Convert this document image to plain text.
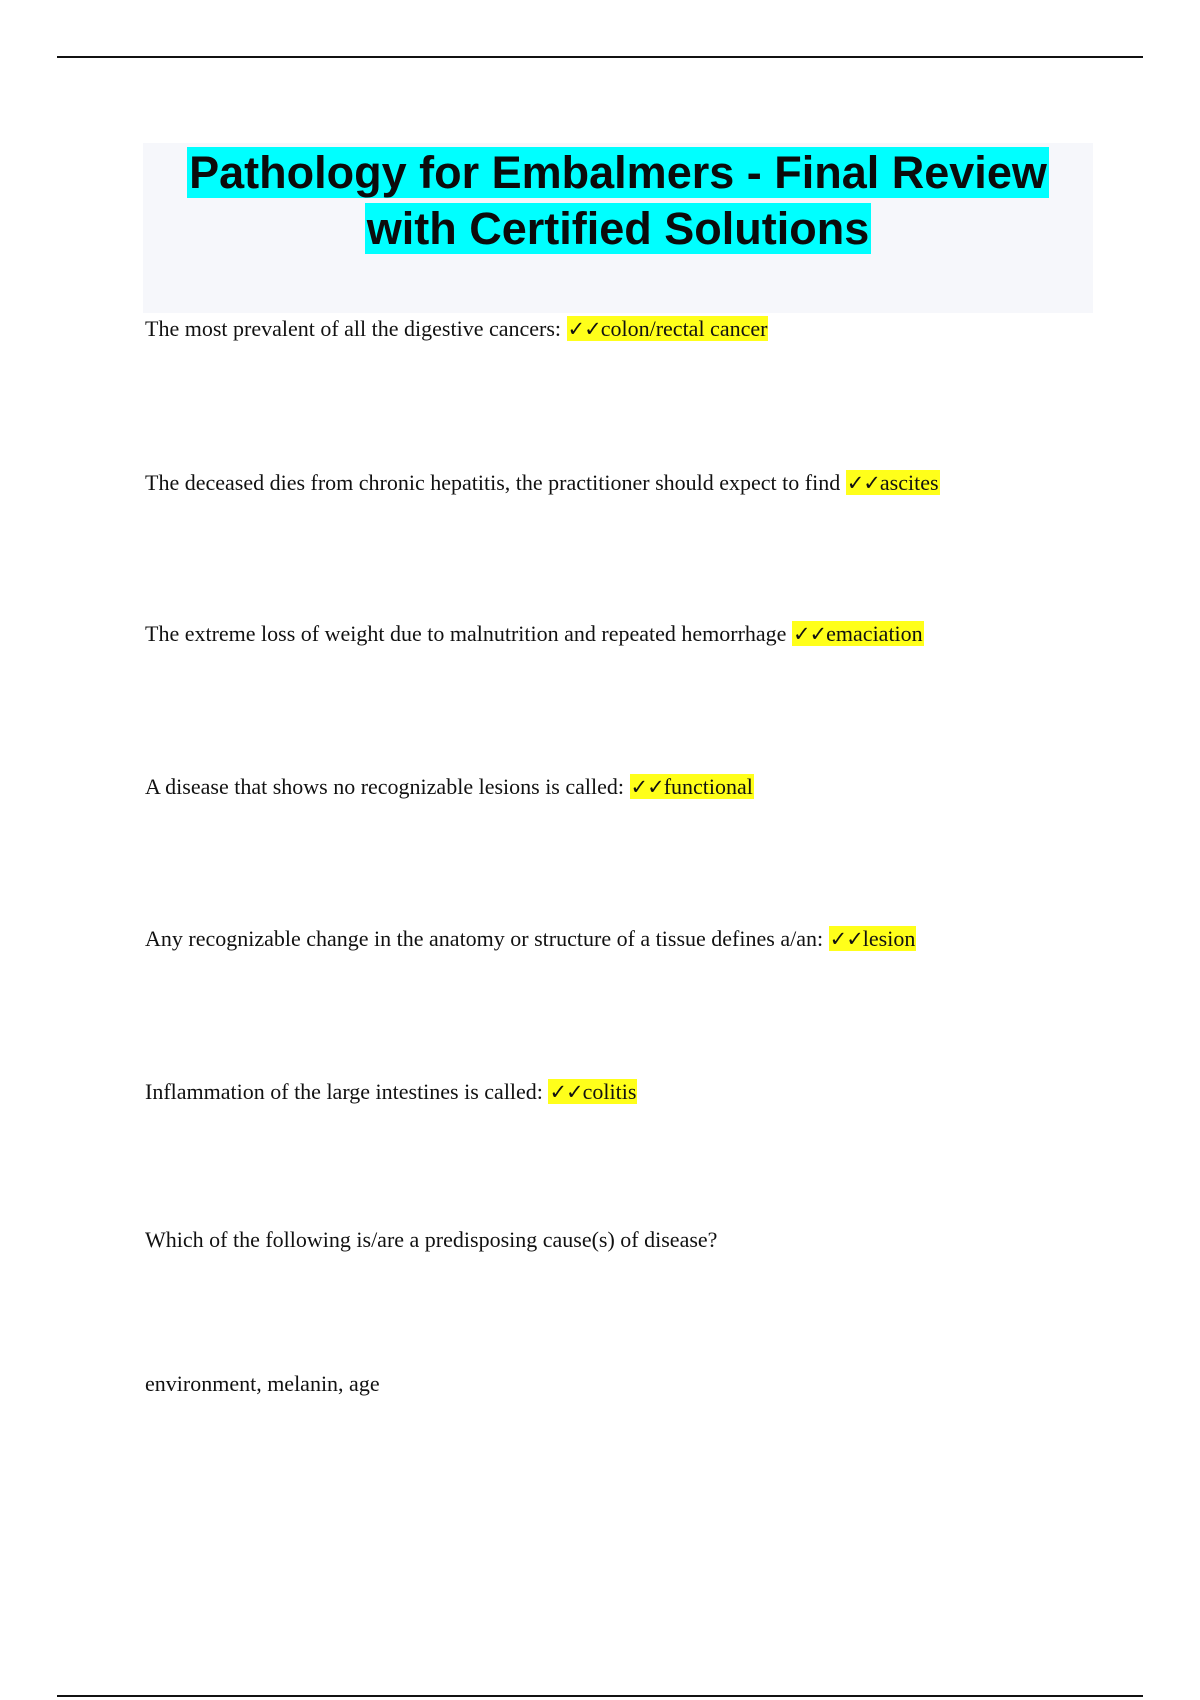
Pathology for Embalmers - Final Review with Certified Solutions

The most prevalent of all the digestive cancers: ✓✓colon/rectal cancer

The deceased dies from chronic hepatitis, the practitioner should expect to find ✓✓ascites

The extreme loss of weight due to malnutrition and repeated hemorrhage ✓✓emaciation

A disease that shows no recognizable lesions is called: ✓✓functional

Any recognizable change in the anatomy or structure of a tissue defines a/an: ✓✓lesion

Inflammation of the large intestines is called: ✓✓colitis

Which of the following is/are a predisposing cause(s) of disease?

environment, melanin, age
